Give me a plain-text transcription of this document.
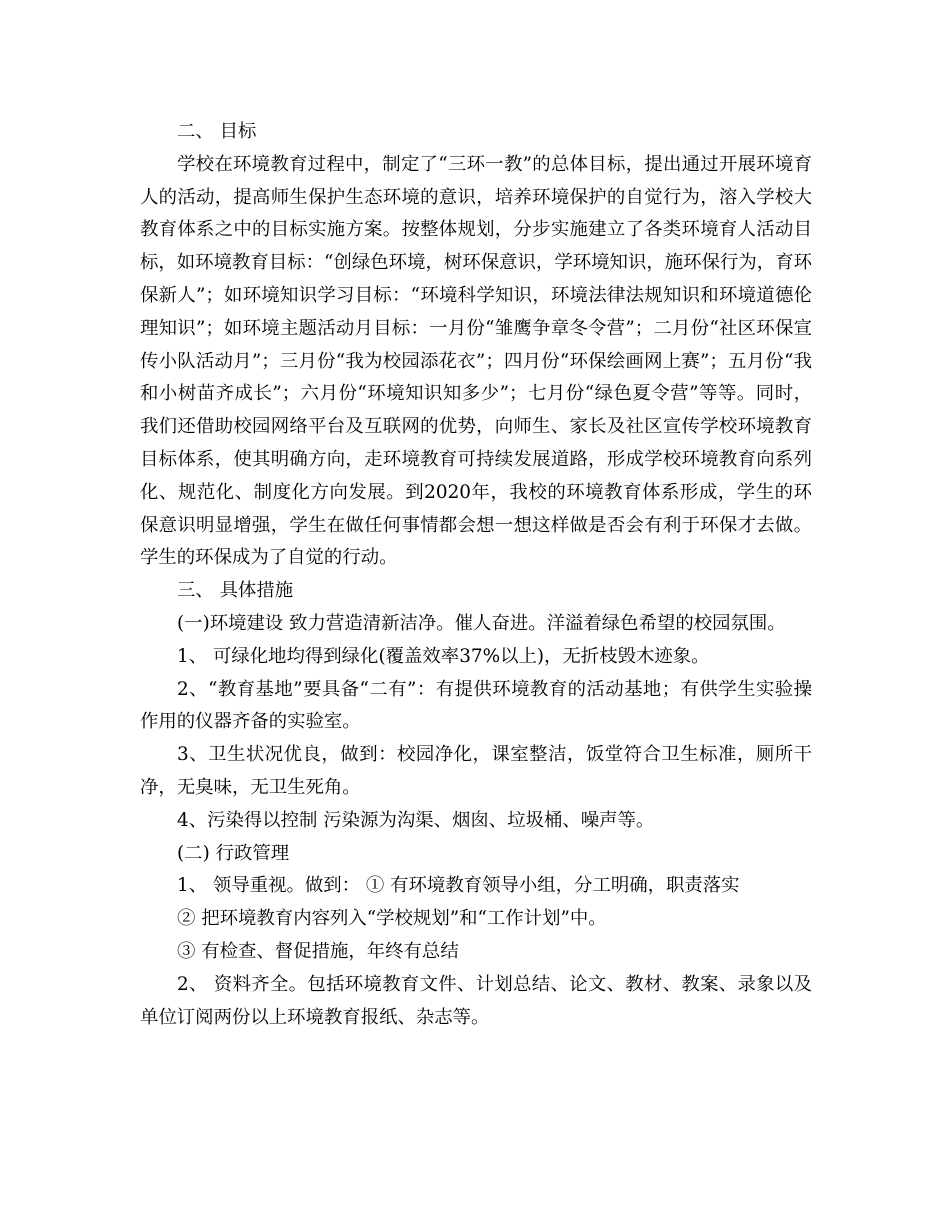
二、 目标

学校在环境教育过程中，制定了“三环一教”的总体目标，提出通过开展环境育人的活动，提高师生保护生态环境的意识，培养环境保护的自觉行为，溶入学校大教育体系之中的目标实施方案。按整体规划，分步实施建立了各类环境育人活动目标，如环境教育目标：“创绿色环境，树环保意识，学环境知识，施环保行为，育环保新人”；如环境知识学习目标：“环境科学知识，环境法律法规知识和环境道德伦理知识”；如环境主题活动月目标：一月份“雏鹰争章冬令营”；二月份“社区环保宣传小队活动月”；三月份“我为校园添花衣”；四月份“环保绘画网上赛”；五月份“我和小树苗齐成长”；六月份“环境知识知多少”；七月份“绿色夏令营”等等。同时，我们还借助校园网络平台及互联网的优势，向师生、家长及社区宣传学校环境教育目标体系，使其明确方向，走环境教育可持续发展道路，形成学校环境教育向系列化、规范化、制度化方向发展。到2020年，我校的环境教育体系形成，学生的环保意识明显增强，学生在做任何事情都会想一想这样做是否会有利于环保才去做。学生的环保成为了自觉的行动。

三、 具体措施

(一)环境建设 致力营造清新洁净。催人奋进。洋溢着绿色希望的校园氛围。

1、 可绿化地均得到绿化(覆盖效率37%以上)，无折枝毁木迹象。

2、“教育基地”要具备“二有”：有提供环境教育的活动基地；有供学生实验操作用的仪器齐备的实验室。

3、卫生状况优良，做到：校园净化，课室整洁，饭堂符合卫生标准，厕所干净，无臭味，无卫生死角。

4、污染得以控制 污染源为沟渠、烟囱、垃圾桶、噪声等。

(二) 行政管理

1、 领导重视。做到： ① 有环境教育领导小组，分工明确，职责落实

② 把环境教育内容列入“学校规划”和“工作计划”中。

③ 有检查、督促措施，年终有总结

2、 资料齐全。包括环境教育文件、计划总结、论文、教材、教案、录象以及单位订阅两份以上环境教育报纸、杂志等。
